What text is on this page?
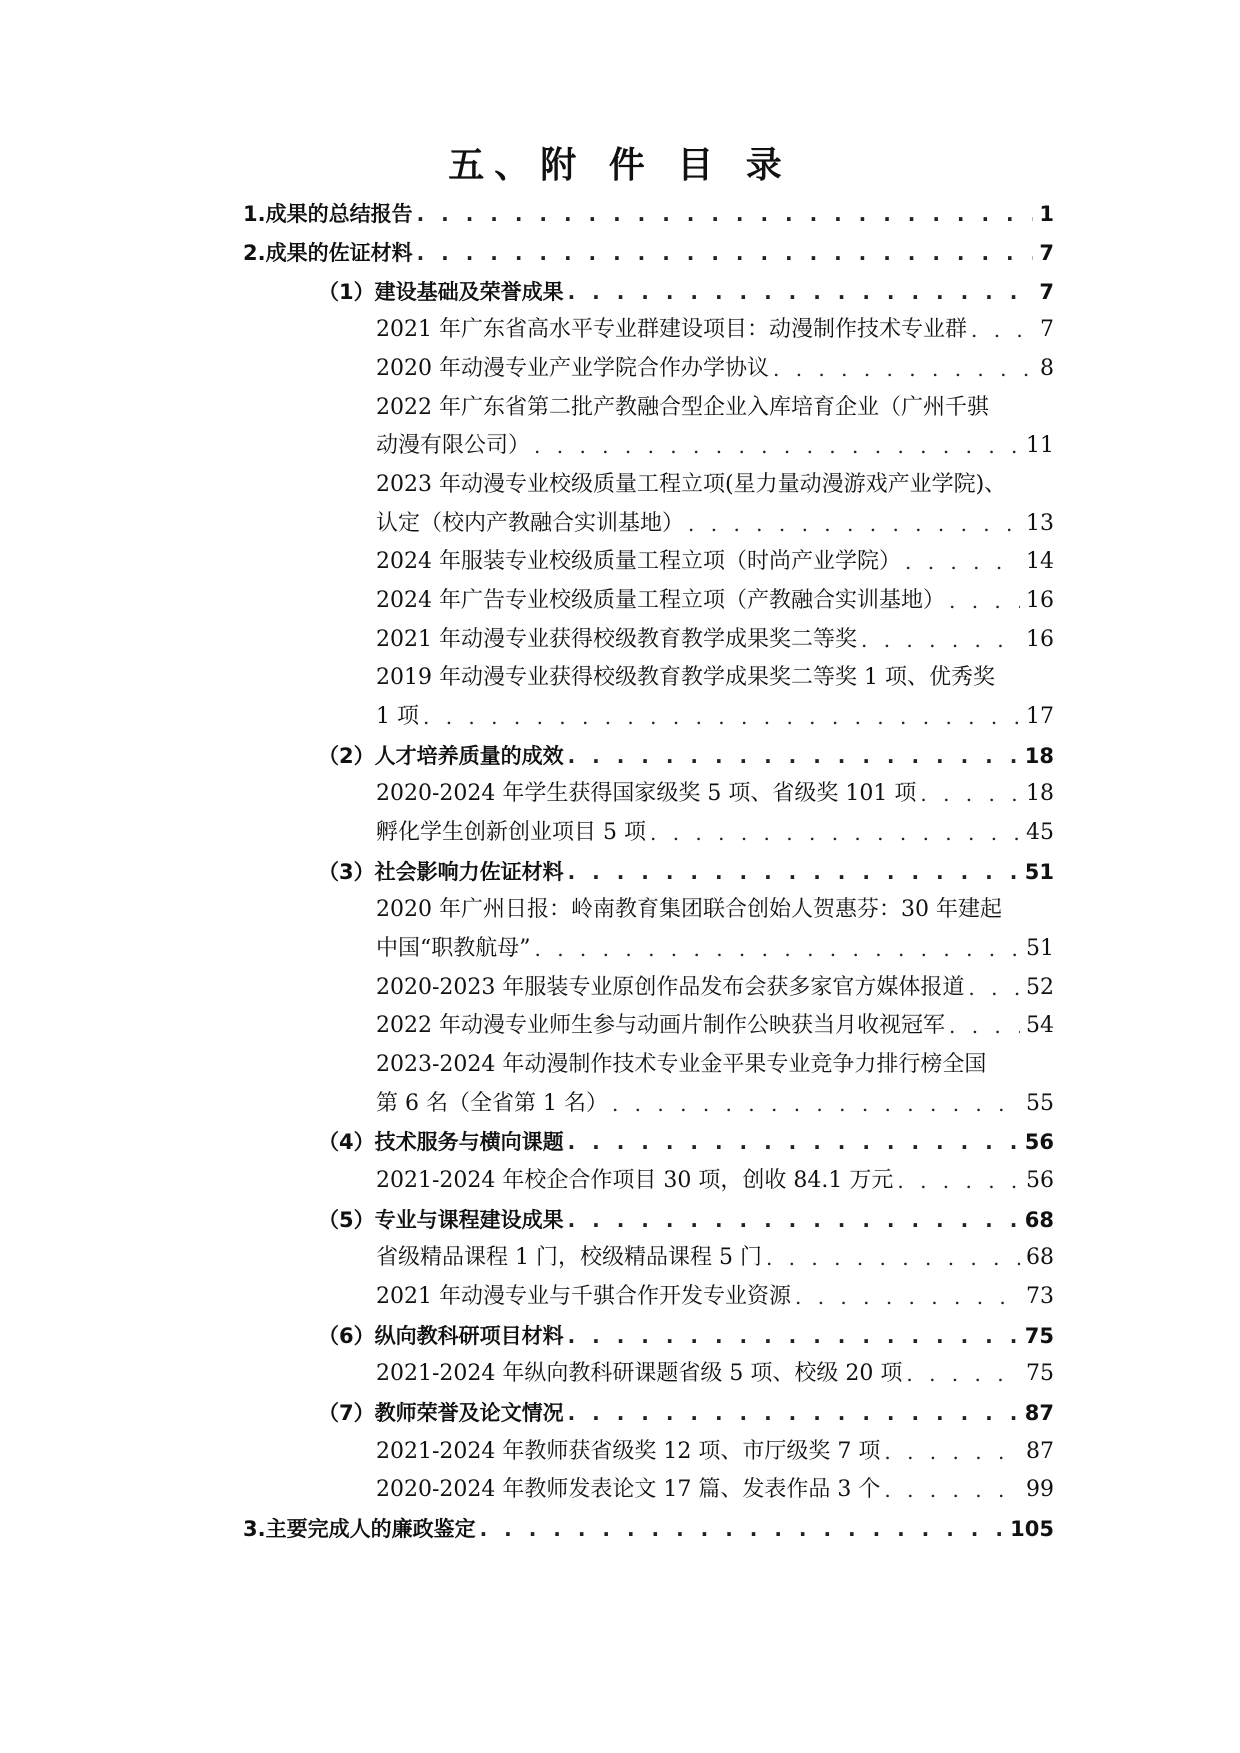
五、附 件 目 录
1.成果的总结报告 . . .	1
2.成果的佐证材料 . . .	7
（1）建设基础及荣誉成果 . . .	7
2021 年广东省高水平专业群建设项目：动漫制作技术专业群 . . .	7
2020 年动漫专业产业学院合作办学协议 . . .	8
2022 年广东省第二批产教融合型企业入库培育企业（广州千骐
动漫有限公司） . . .	11
2023 年动漫专业校级质量工程立项(星力量动漫游戏产业学院)、
认定（校内产教融合实训基地） . . .	13
2024 年服装专业校级质量工程立项（时尚产业学院） . . .	14
2024 年广告专业校级质量工程立项（产教融合实训基地） . . .	16
2021 年动漫专业获得校级教育教学成果奖二等奖 . . .	16
2019 年动漫专业获得校级教育教学成果奖二等奖 1 项、优秀奖
1 项 . . .	17
（2）人才培养质量的成效 . . .	18
2020-2024 年学生获得国家级奖 5 项、省级奖 101 项 . . .	18
孵化学生创新创业项目 5 项 . . .	45
（3）社会影响力佐证材料 . . .	51
2020 年广州日报：岭南教育集团联合创始人贺惠芬：30 年建起
中国“职教航母” . . .	51
2020-2023 年服装专业原创作品发布会获多家官方媒体报道 . . .	52
2022 年动漫专业师生参与动画片制作公映获当月收视冠军 . . .	54
2023-2024 年动漫制作技术专业金平果专业竞争力排行榜全国
第 6 名（全省第 1 名） . . .	55
（4）技术服务与横向课题 . . .	56
2021-2024 年校企合作项目 30 项，创收 84.1 万元 . . .	56
（5）专业与课程建设成果 . . .	68
省级精品课程 1 门，校级精品课程 5 门 . . .	68
2021 年动漫专业与千骐合作开发专业资源 . . .	73
（6）纵向教科研项目材料 . . .	75
2021-2024 年纵向教科研课题省级 5 项、校级 20 项 . . .	75
（7）教师荣誉及论文情况 . . .	87
2021-2024 年教师获省级奖 12 项、市厅级奖 7 项 . . .	87
2020-2024 年教师发表论文 17 篇、发表作品 3 个 . . .	99
3.主要完成人的廉政鉴定 . . .	105
